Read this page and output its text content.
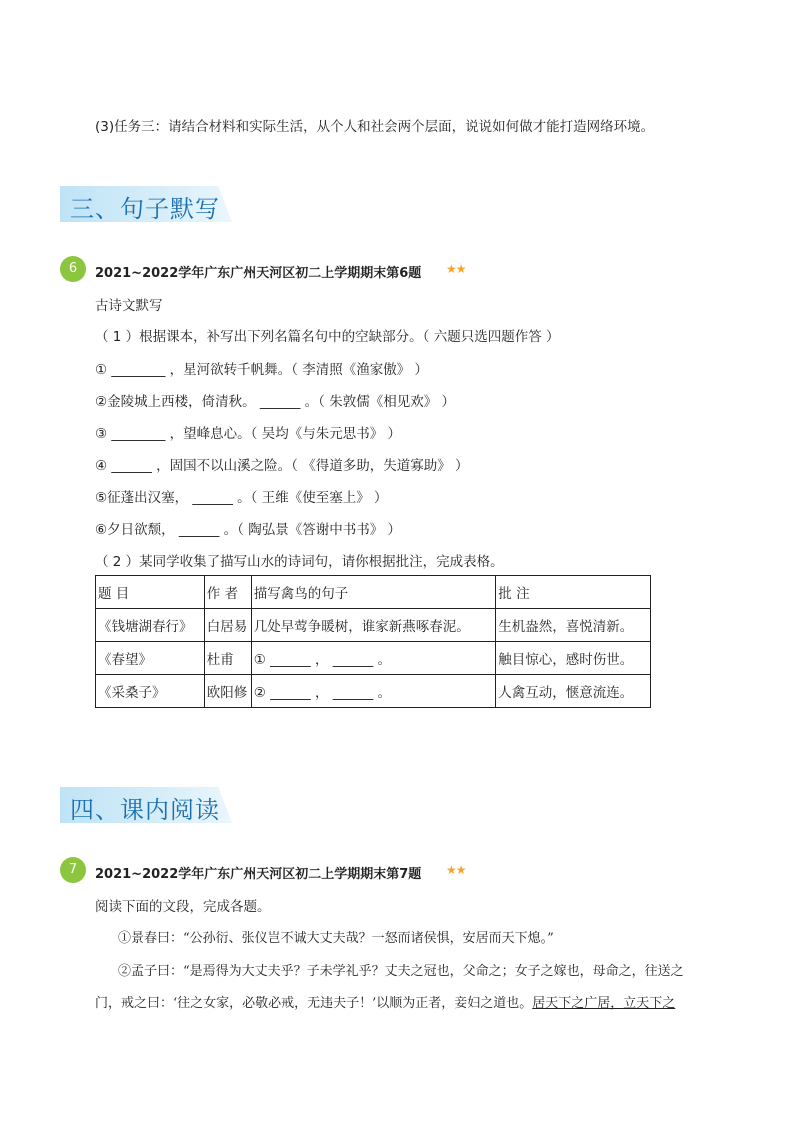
(3)任务三：请结合材料和实际生活，从个人和社会两个层面，说说如何做才能打造网络环境。
三、句子默写
6	2021~2022学年广东广州天河区初二上学期期末第6题 ★★
古诗文默写
（ 1 ）根据课本，补写出下列名篇名句中的空缺部分。（ 六题只选四题作答 ）
① ________ ，星河欲转千帆舞。（ 李清照《渔家傲》 ）
②金陵城上西楼，倚清秋。 ______ 。（ 朱敦儒《相见欢》 ）
③ ________ ，望峰息心。（ 吴均《与朱元思书》 ）
④ ______ ，固国不以山溪之险。（ 《得道多助，失道寡助》 ）
⑤征蓬出汉塞， ______ 。（ 王维《使至塞上》 ）
⑥夕日欲颓， ______ 。（ 陶弘景《答谢中书书》 ）
（ 2 ）某同学收集了描写山水的诗词句，请你根据批注，完成表格。
题 目	作 者	描写禽鸟的句子	批 注
《钱塘湖春行》	白居易	几处早莺争暖树，谁家新燕啄春泥。	生机盎然，喜悦清新。
《春望》	杜甫	① ______ ， ______ 。	触目惊心，感时伤世。
《采桑子》	欧阳修	② ______ ， ______ 。	人禽互动，惬意流连。
四、课内阅读
7	2021~2022学年广东广州天河区初二上学期期末第7题 ★★
阅读下面的文段，完成各题。
①景春曰：“公孙衍、张仪岂不诚大丈夫哉？一怒而诸侯惧，安居而天下熄。”
②孟子曰：“是焉得为大丈夫乎？子未学礼乎？丈夫之冠也，父命之；女子之嫁也，母命之，往送之
门，戒之曰：‘往之女家，必敬必戒，无违夫子！’以顺为正者，妾妇之道也。居天下之广居，立天下之
